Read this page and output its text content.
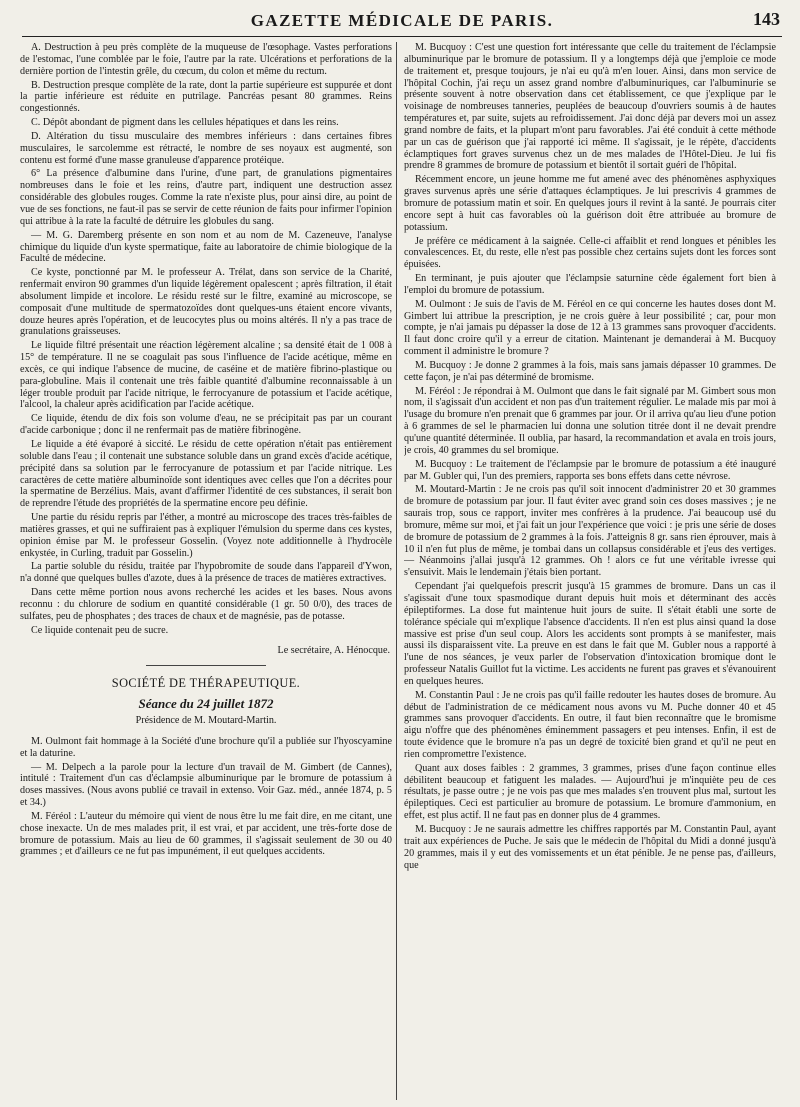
GAZETTE MÉDICALE DE PARIS.	143

A. Destruction à peu près complète de la muqueuse de l'œsophage. Vastes perforations de l'estomac, l'une comblée par le foie, l'autre par la rate. Ulcérations et perforations de la dernière portion de l'intestin grêle, du cœcum, du colon et même du rectum.

B. Destruction presque complète de la rate, dont la partie supérieure est suppurée et dont la partie inférieure est réduite en putrilage. Pancréas pesant 80 grammes. Reins congestionnés.

C. Dépôt abondant de pigment dans les cellules hépatiques et dans les reins.

D. Altération du tissu musculaire des membres inférieurs : dans certaines fibres musculaires, le sarcolemme est rétracté, le nombre de ses noyaux est augmenté, son contenu est formé d'une masse granuleuse d'apparence protéique.

6° La présence d'albumine dans l'urine, d'une part, de granulations pigmentaires nombreuses dans le foie et les reins, d'autre part, indiquent une destruction assez considérable des globules rouges. Comme la rate n'existe plus, pour ainsi dire, au point de vue de ses fonctions, ne faut-il pas se servir de cette réunion de faits pour infirmer l'opinion qui attribue à la rate la faculté de détruire les globules du sang.

— M. G. Daremberg présente en son nom et au nom de M. Cazeneuve, l'analyse chimique du liquide d'un kyste spermatique, faite au laboratoire de chimie biologique de la Faculté de médecine.

Ce kyste, ponctionné par M. le professeur A. Trélat, dans son service de la Charité, renfermait environ 90 grammes d'un liquide légèrement opalescent ; après filtration, il était absolument limpide et incolore. Le résidu resté sur le filtre, examiné au microscope, se composait d'une multitude de spermatozoïdes dont quelques-uns étaient encore vivants, douze heures après l'opération, et de leucocytes plus ou moins altérés. Il n'y a pas trace de granulations graisseuses.

Le liquide filtré présentait une réaction légèrement alcaline ; sa densité était de 1 008 à 15° de température. Il ne se coagulait pas sous l'influence de l'acide acétique, même en excès, ce qui indique l'absence de mucine, de caséine et de matière fibrino-plastique ou para-globuline. Mais il contenait une très faible quantité d'albumine reconnaissable à un léger trouble produit par l'acide nitrique, le ferrocyanure de potassium et l'acide acétique, l'alcool, la chaleur après acidification par l'acide acétique.

Ce liquide, étendu de dix fois son volume d'eau, ne se précipitait pas par un courant d'acide carbonique ; donc il ne renfermait pas de matière fibrinogène.

Le liquide a été évaporé à siccité. Le résidu de cette opération n'était pas entièrement soluble dans l'eau ; il contenait une substance soluble dans un grand excès d'acide acétique, précipité dans sa solution par le ferrocyanure de potassium et par l'acide nitrique. Les caractères de cette matière albuminoïde sont identiques avec celles que l'on a décrites pour la spermatine de Berzélius. Mais, avant d'affirmer l'identité de ces substances, il serait bon de reprendre l'étude des propriétés de la spermatine encore peu définie.

Une partie du résidu repris par l'éther, a montré au microscope des traces très-faibles de matières grasses, et qui ne suffiraient pas à expliquer l'émulsion du sperme dans ces kystes, opinion émise par M. le professeur Gosselin. (Voyez note additionnelle à l'hydrocèle enkystée, in Curling, traduit par Gosselin.)

La partie soluble du résidu, traitée par l'hypobromite de soude dans l'appareil d'Ywon, n'a donné que quelques bulles d'azote, dues à la présence de traces de matières extractives.

Dans cette même portion nous avons recherché les acides et les bases. Nous avons reconnu : du chlorure de sodium en quantité considérable (1 gr. 50 0/0), des traces de sulfates, peu de phosphates ; des traces de chaux et de magnésie, pas de potasse.

Ce liquide contenait peu de sucre.

Le secrétaire, A. Hénocque.

SOCIÉTÉ DE THÉRAPEUTIQUE.
Séance du 24 juillet 1872

Présidence de M. Moutard-Martin.

M. Oulmont fait hommage à la Société d'une brochure qu'il a publiée sur l'hyoscyamine et la daturine.

— M. Delpech a la parole pour la lecture d'un travail de M. Gimbert (de Cannes), intitulé : Traitement d'un cas d'éclampsie albuminurique par le bromure de potassium à doses massives. (Nous avons publié ce travail in extenso. Voir Gaz. méd., année 1874, p. 5 et 34.)

M. Féréol : L'auteur du mémoire qui vient de nous être lu me fait dire, en me citant, une chose inexacte. Un de mes malades prit, il est vrai, et par accident, une très-forte dose de bromure de potassium. Mais au lieu de 60 grammes, il s'agissait seulement de 30 ou 40 grammes ; et d'ailleurs ce ne fut pas impunément, il eut quelques accidents.

M. Bucquoy : C'est une question fort intéressante que celle du traitement de l'éclampsie albuminurique par le bromure de potassium. Il y a longtemps déjà que j'emploie ce mode de traitement et, presque toujours, je n'ai eu qu'à m'en louer. Ainsi, dans mon service de l'hôpital Cochin, j'ai reçu un assez grand nombre d'albuminuriques, car l'albuminurie se présente souvent à notre observation dans cet établissement, ce que j'explique par le voisinage de nombreuses tanneries, peuplées de beaucoup d'ouvriers soumis à de hautes températures et, par suite, sujets au refroidissement. J'ai donc déjà par devers moi un assez grand nombre de faits, et la plupart m'ont paru favorables. J'ai été conduit à cette méthode par un cas de guérison que j'ai rapporté ici même. Il s'agissait, je le répète, d'accidents éclamptiques fort graves survenus chez un de mes malades de l'Hôtel-Dieu. Je lui fis prendre 8 grammes de bromure de potassium et bientôt il sortait guéri de l'hôpital.

Récemment encore, un jeune homme me fut amené avec des phénomènes asphyxiques graves survenus après une série d'attaques éclamptiques. Je lui prescrivis 4 grammes de bromure de potassium matin et soir. En quelques jours il revint à la santé. Je pourrais citer encore sept à huit cas favorables où la guérison doit être attribuée au bromure de potassium.

Je préfère ce médicament à la saignée. Celle-ci affaiblit et rend longues et pénibles les convalescences. Et, du reste, elle n'est pas possible chez certains sujets dont les forces sont épuisées.

En terminant, je puis ajouter que l'éclampsie saturnine cède également fort bien à l'emploi du bromure de potassium.

M. Oulmont : Je suis de l'avis de M. Féréol en ce qui concerne les hautes doses dont M. Gimbert lui attribue la prescription, je ne crois guère à leur possibilité ; car, pour mon compte, je n'ai jamais pu dépasser la dose de 12 à 13 grammes sans provoquer d'accidents. Il faut donc croire qu'il y a erreur de citation. Maintenant je demanderai à M. Bucquoy comment il administre le bromure ?

M. Bucquoy : Je donne 2 grammes à la fois, mais sans jamais dépasser 10 grammes. De cette façon, je n'ai pas déterminé de bromisme.

M. Féréol : Je répondrai à M. Oulmont que dans le fait signalé par M. Gimbert sous mon nom, il s'agissait d'un accident et non pas d'un traitement régulier. Le malade mis par moi à l'usage du bromure n'en prenait que 6 grammes par jour. Or il arriva qu'au lieu d'une potion à 6 grammes de sel le pharmacien lui donna une solution titrée dont il ne devait prendre qu'une quantité déterminée. Il oublia, par hasard, la recommandation et avala en trois jours, je crois, 40 grammes du sel bromique.

M. Bucquoy : Le traitement de l'éclampsie par le bromure de potassium a été inauguré par M. Gubler qui, l'un des premiers, rapporta ses bons effets dans cette névrose.

M. Moutard-Martin : Je ne crois pas qu'il soit innocent d'administrer 20 et 30 grammes de bromure de potassium par jour. Il faut éviter avec grand soin ces doses massives ; je ne saurais trop, sous ce rapport, inviter mes confrères à la prudence. J'ai beaucoup usé du bromure, même sur moi, et j'ai fait un jour l'expérience que voici : je pris une série de doses de bromure de potassium de 2 grammes à la fois. J'atteignis 8 gr. sans rien éprouver, mais à 10 il n'en fut plus de même, je tombai dans un collapsus considérable et j'eus des vertiges. — Néanmoins j'allai jusqu'à 12 grammes. Oh ! alors ce fut une véritable ivresse qui s'ensuivit. Mais le lendemain j'étais bien portant.

Cependant j'ai quelquefois prescrit jusqu'à 15 grammes de bromure. Dans un cas il s'agissait d'une toux spasmodique durant depuis huit mois et déterminant des accès épileptiformes. La dose fut maintenue huit jours de suite. Il s'était établi une sorte de tolérance spéciale qui m'explique l'absence d'accidents. Il n'en est plus ainsi quand la dose massive est prise d'un seul coup. Alors les accidents sont prompts à se manifester, mais aussi ils disparaissent vite. La preuve en est dans le fait que M. Gubler nous a rapporté à l'une de nos séances, je veux parler de l'observation d'intoxication bromique dont le professeur Natalis Guillot fut la victime. Les accidents ne furent pas graves et s'évanouirent en quelques heures.

M. Constantin Paul : Je ne crois pas qu'il faille redouter les hautes doses de bromure. Au début de l'administration de ce médicament nous avons vu M. Puche donner 40 et 45 grammes sans provoquer d'accidents. En outre, il faut bien reconnaître que le bromisme aigu n'offre que des phénomènes éminemment passagers et peu intenses. Enfin, il est de toute évidence que le bromure n'a pas un degré de toxicité bien grand et qu'il ne peut en rien compromettre l'existence.

Quant aux doses faibles : 2 grammes, 3 grammes, prises d'une façon continue elles débilitent beaucoup et fatiguent les malades. — Aujourd'hui je m'inquiète peu de ces résultats, je passe outre ; je ne vois pas que mes malades s'en trouvent plus mal, surtout les épileptiques. Ceci est particulier au bromure de potassium. Le bromure d'ammonium, en effet, est plus actif. Il ne faut pas en donner plus de 4 grammes.

M. Bucquoy : Je ne saurais admettre les chiffres rapportés par M. Constantin Paul, ayant trait aux expériences de Puche. Je sais que le médecin de l'hôpital du Midi a donné jusqu'à 20 grammes, mais il y eut des vomissements et un état pénible. Je ne pense pas, d'ailleurs, que
